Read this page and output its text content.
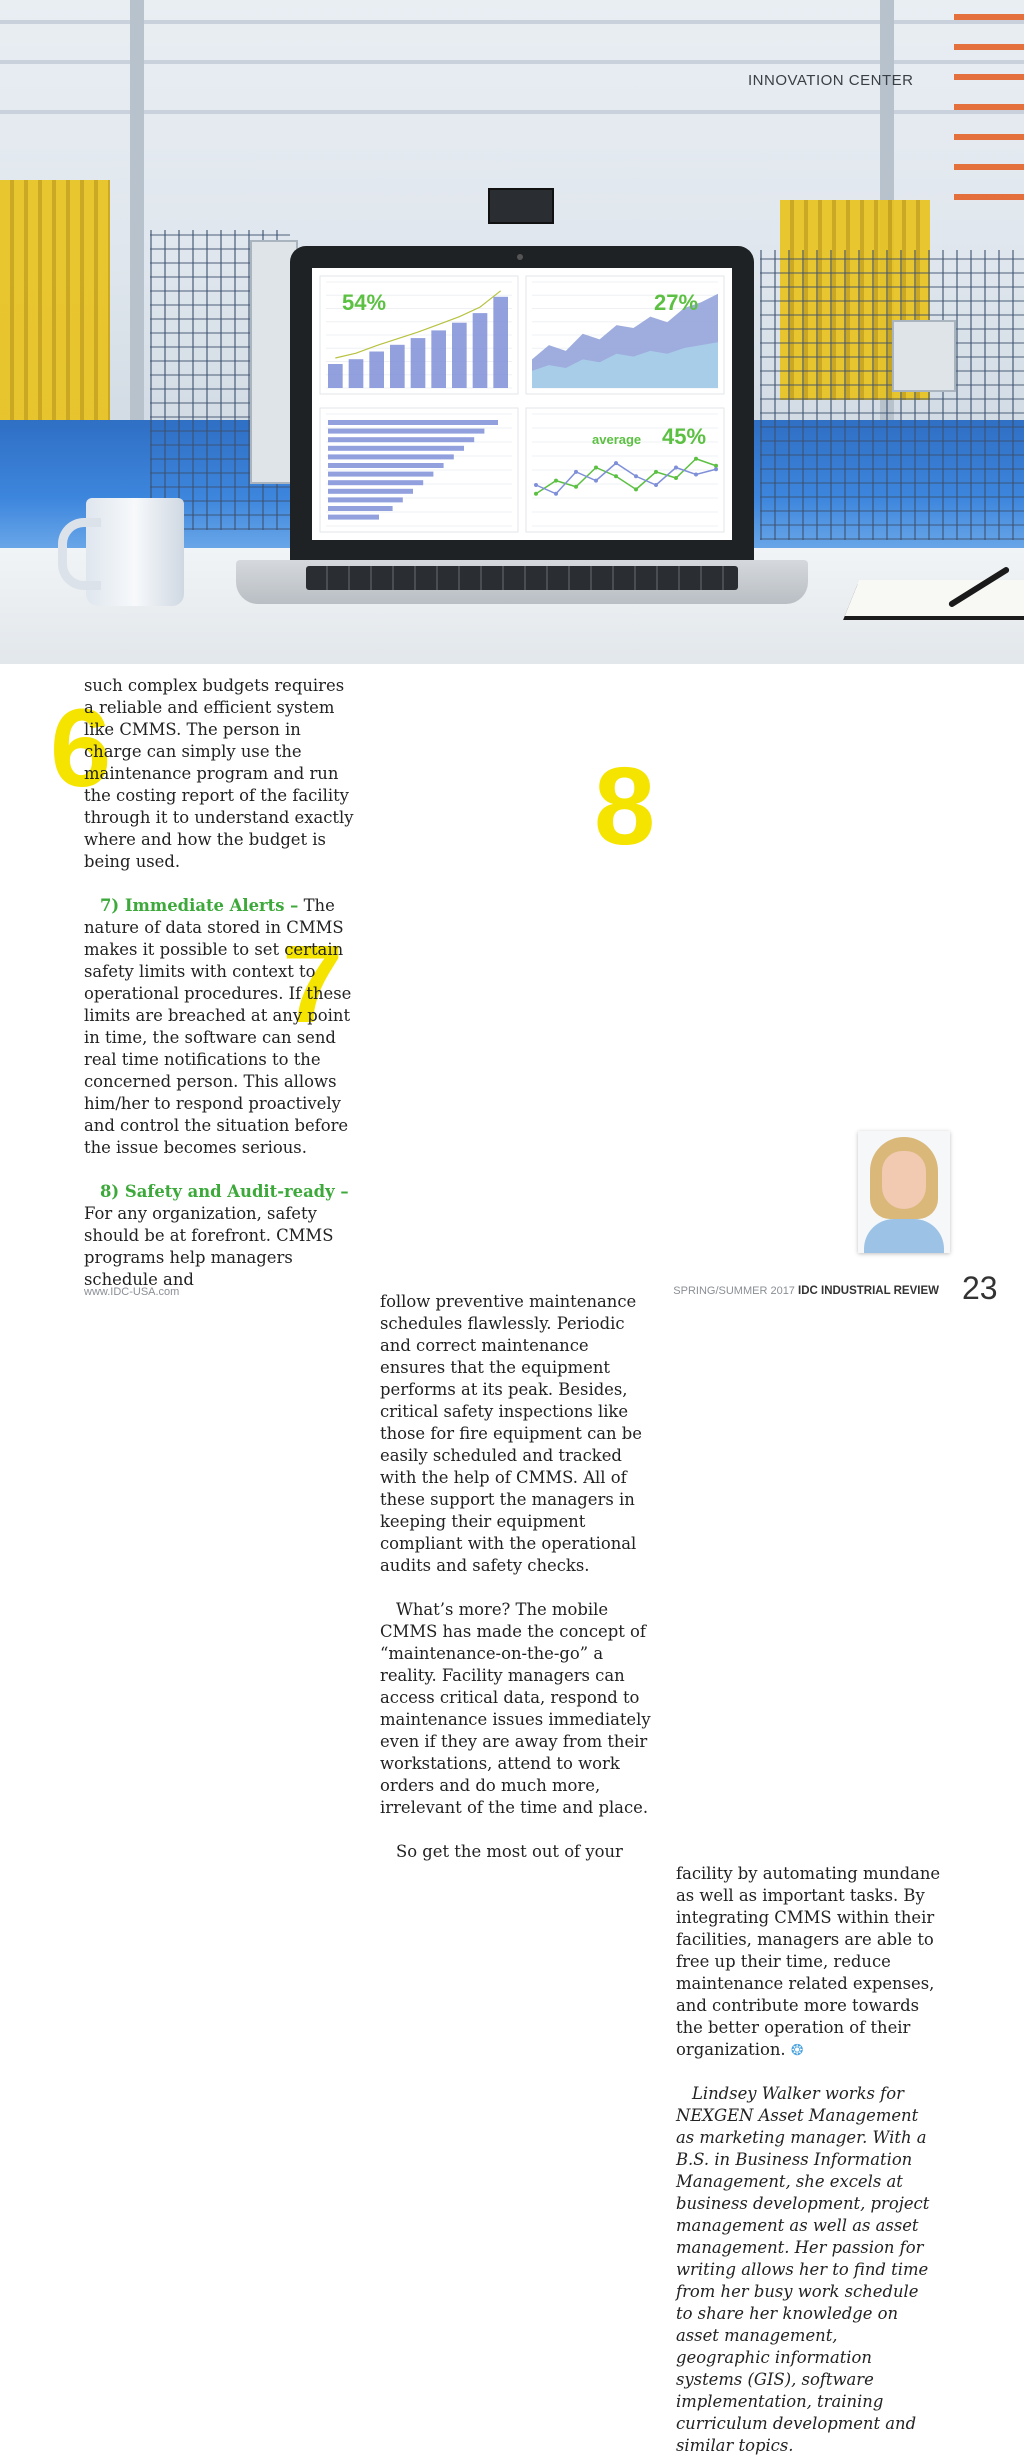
INNOVATION CENTER
54%	27%
average 45%
6
7
8

such complex budgets requires a reliable and efficient system like CMMS. The person in charge can simply use the maintenance program and run the costing report of the facility through it to understand exactly where and how the budget is being used.

7) Immediate Alerts – The nature of data stored in CMMS makes it possible to set certain safety limits with context to operational procedures. If these limits are breached at any point in time, the software can send real time notifications to the concerned person. This allows him/her to respond proactively and control the situation before the issue becomes serious.

8) Safety and Audit-ready – For any organization, safety should be at forefront. CMMS programs help managers schedule and

follow preventive maintenance schedules flawlessly. Periodic and correct maintenance ensures that the equipment performs at its peak. Besides, critical safety inspections like those for fire equipment can be easily scheduled and tracked with the help of CMMS. All of these support the managers in keeping their equipment compliant with the operational audits and safety checks.

What’s more? The mobile CMMS has made the concept of “maintenance-on-the-go” a reality. Facility managers can access critical data, respond to maintenance issues immediately even if they are away from their workstations, attend to work orders and do much more, irrelevant of the time and place.

So get the most out of your

facility by automating mundane as well as important tasks. By integrating CMMS within their facilities, managers are able to free up their time, reduce maintenance related expenses, and contribute more towards the better operation of their organization. ❂

Lindsey Walker works for NEXGEN Asset Management as marketing manager. With a B.S. in Business Information Management, she excels at business development, project management as well as asset management. Her passion for writing allows her to find time from her busy work schedule to share her knowledge on asset management, geographic information systems (GIS), software implementation, training curriculum development and similar topics.

www.IDC-USA.com	SPRING/SUMMER 2017 IDC INDUSTRIAL REVIEW 23
